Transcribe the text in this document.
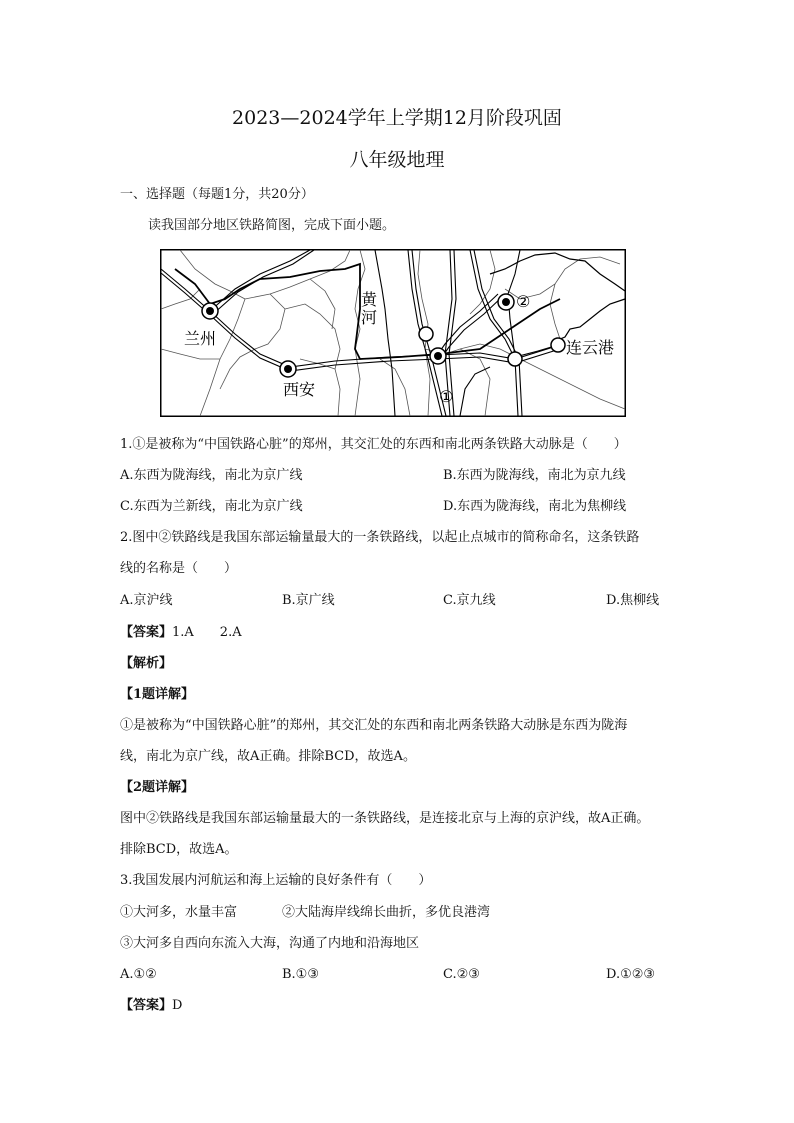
2023—2024学年上学期12月阶段巩固
八年级地理
一、选择题（每题1分，共20分）
读我国部分地区铁路简图，完成下面小题。
兰州
西安
黄
河
连云港
①
②
1.①是被称为“中国铁路心脏”的郑州，其交汇处的东西和南北两条铁路大动脉是（　　）
A.东西为陇海线，南北为京广线	B.东西为陇海线，南北为京九线
C.东西为兰新线，南北为京广线	D.东西为陇海线，南北为焦柳线
2.图中②铁路线是我国东部运输量最大的一条铁路线，以起止点城市的简称命名，这条铁路
线的名称是（　　）
A.京沪线	B.京广线	C.京九线	D.焦柳线
【答案】1.A　　2.A
【解析】
【1题详解】
①是被称为“中国铁路心脏”的郑州，其交汇处的东西和南北两条铁路大动脉是东西为陇海
线，南北为京广线，故A正确。排除BCD，故选A。
【2题详解】
图中②铁路线是我国东部运输量最大的一条铁路线，是连接北京与上海的京沪线，故A正确。
排除BCD，故选A。
3.我国发展内河航运和海上运输的良好条件有（　　）
①大河多，水量丰富	②大陆海岸线绵长曲折，多优良港湾
③大河多自西向东流入大海，沟通了内地和沿海地区
A.①②	B.①③	C.②③	D.①②③
【答案】D
